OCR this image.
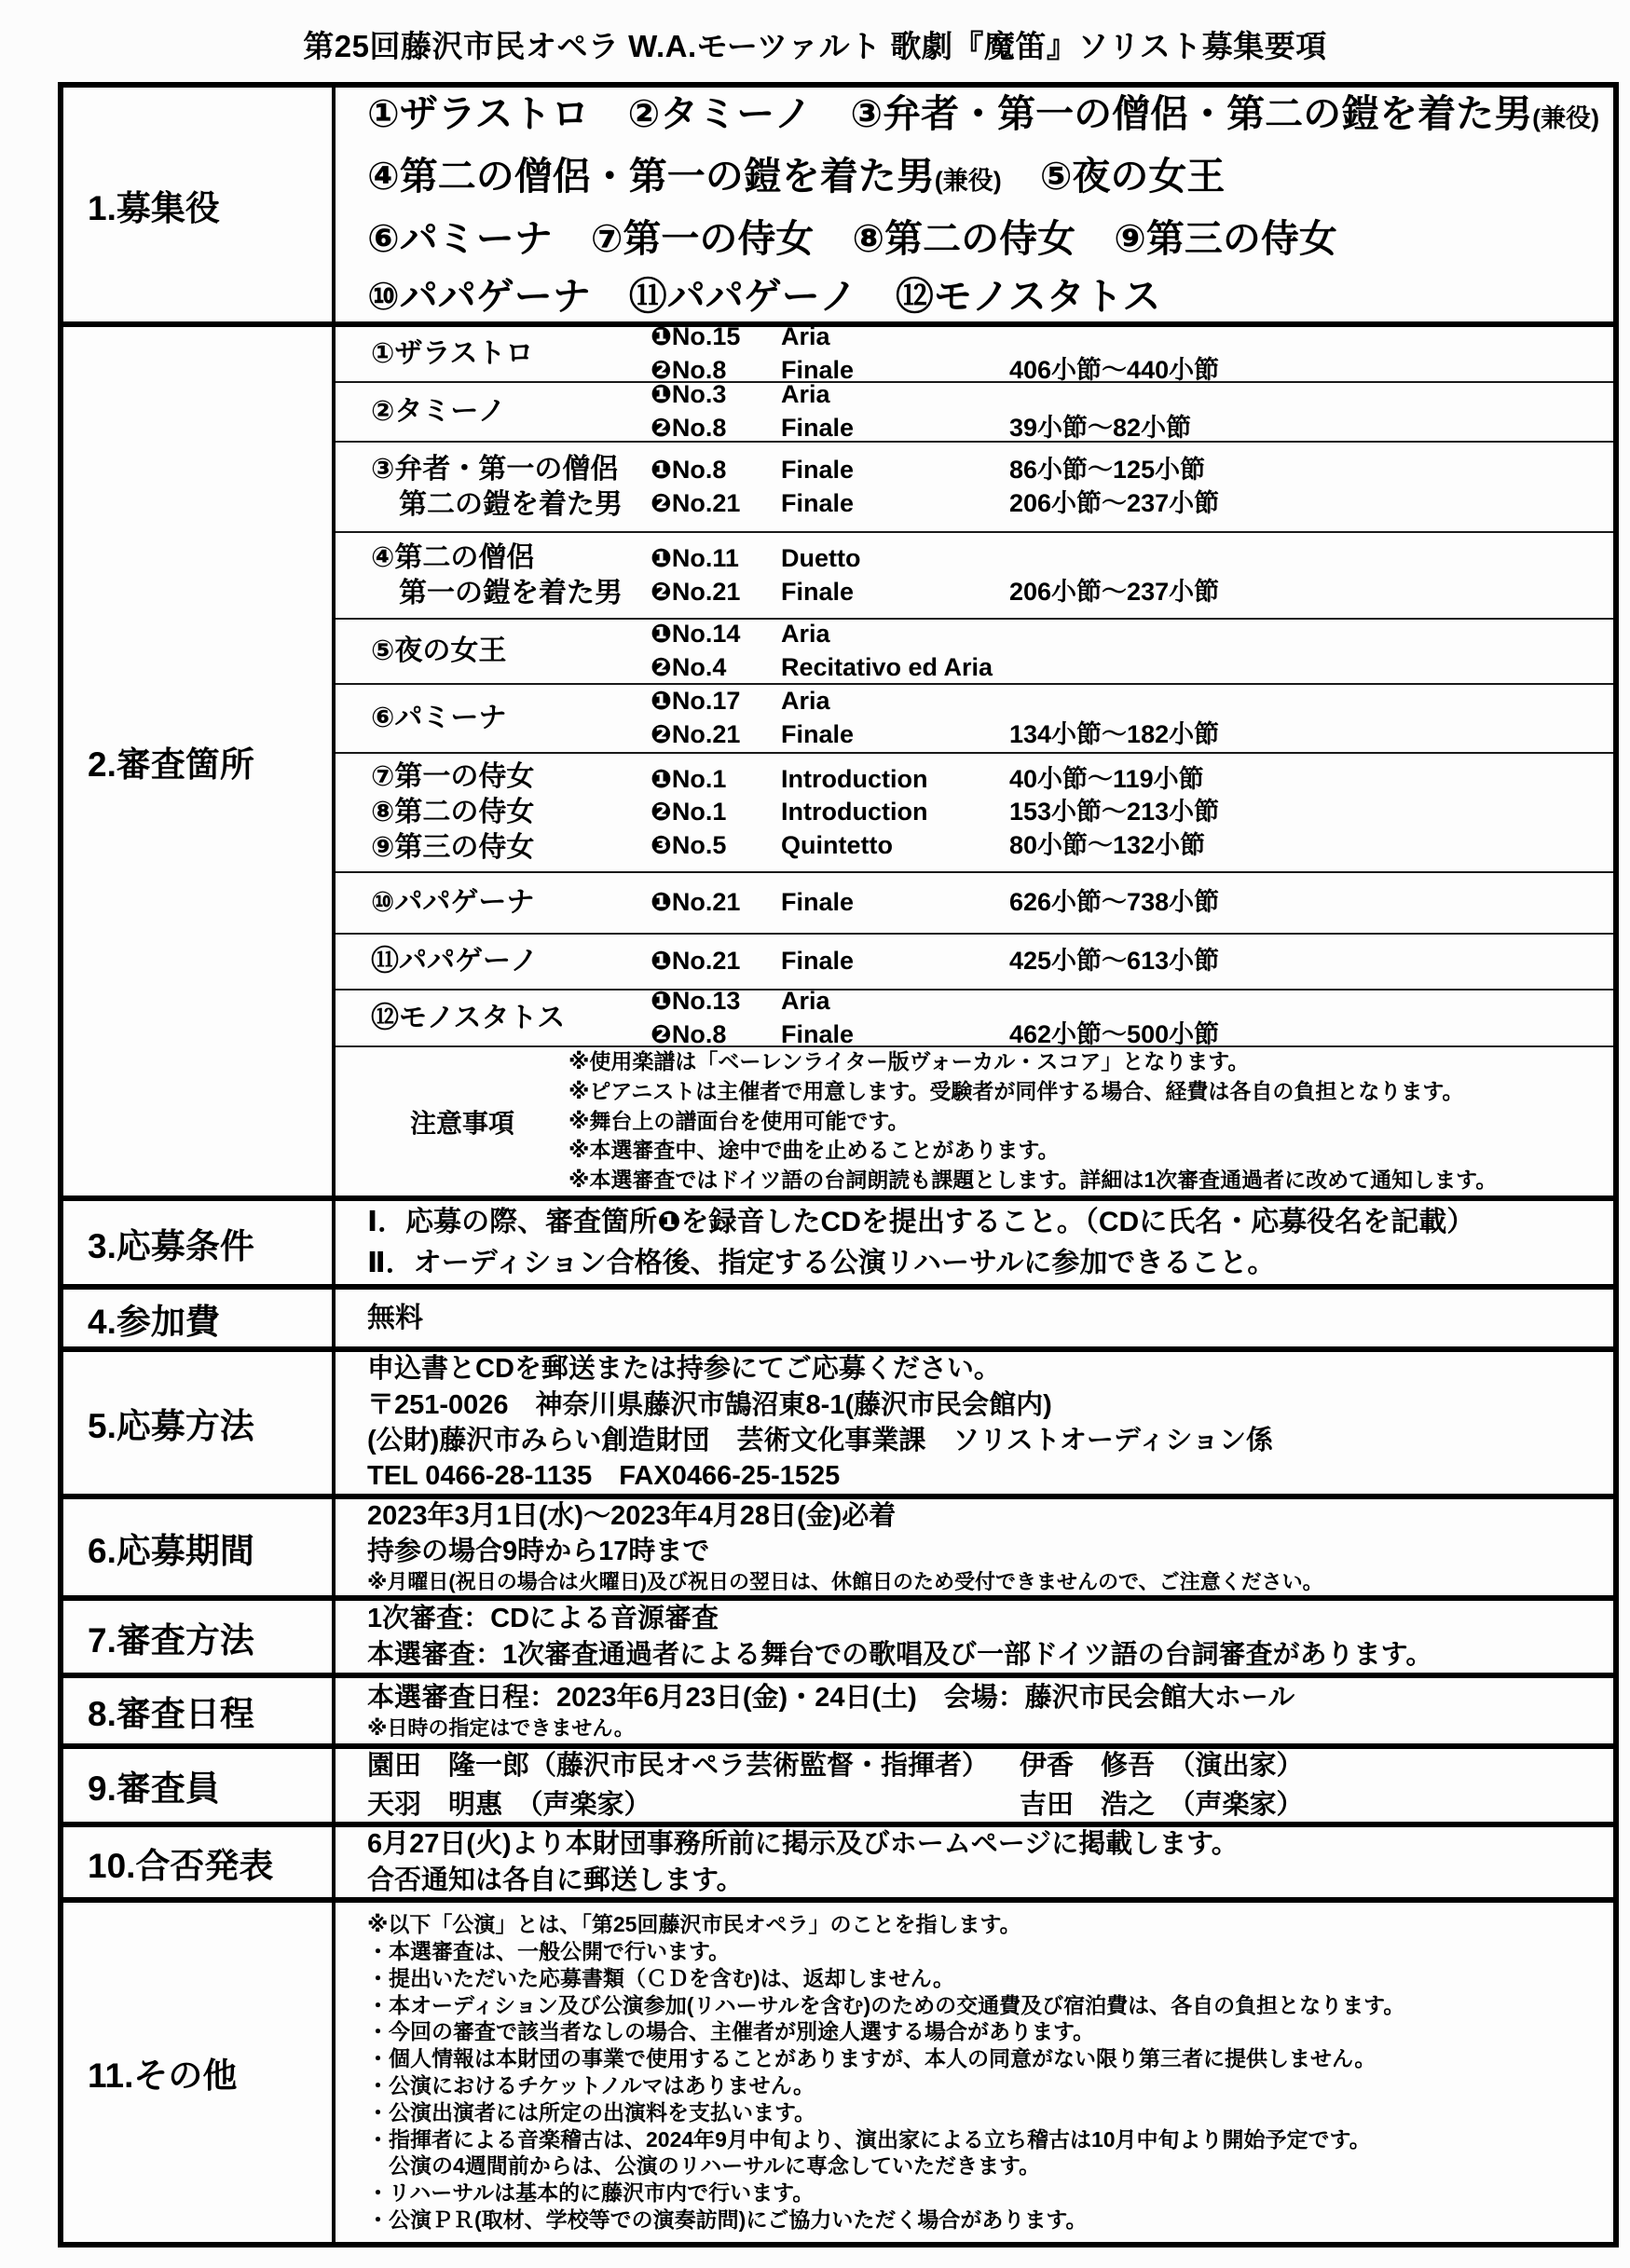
第25回藤沢市民オペラ W.A.モーツァルト 歌劇『魔笛』ソリスト募集要項
1.募集役
①ザラストロ　②タミーノ　③弁者・第一の僧侶・第二の鎧を着た男(兼役)
④第二の僧侶・第一の鎧を着た男(兼役)　⑤夜の女王
⑥パミーナ　⑦第一の侍女　⑧第二の侍女　⑨第三の侍女
⑩パパゲーナ　⑪パパゲーノ　⑫モノスタトス
2.審査箇所
①ザラストロ
❶No.15	Aria
❷No.8	Finale	406小節〜440小節
②タミーノ
❶No.3	Aria
❷No.8	Finale	39小節〜82小節
③弁者・第一の僧侶
第二の鎧を着た男
❶No.8	Finale	86小節〜125小節
❷No.21	Finale	206小節〜237小節
④第二の僧侶
第一の鎧を着た男
❶No.11	Duetto
❷No.21	Finale	206小節〜237小節
⑤夜の女王
❶No.14	Aria
❷No.4	Recitativo ed Aria
⑥パミーナ
❶No.17	Aria
❷No.21	Finale	134小節〜182小節
⑦第一の侍女
⑧第二の侍女
⑨第三の侍女
❶No.1	Introduction	40小節〜119小節
❷No.1	Introduction	153小節〜213小節
❸No.5	Quintetto	80小節〜132小節
⑩パパゲーナ	❶No.21	Finale	626小節〜738小節
⑪パパゲーノ	❶No.21	Finale	425小節〜613小節
⑫モノスタトス
❶No.13	Aria
❷No.8	Finale	462小節〜500小節
注意事項
※使用楽譜は「ベーレンライター版ヴォーカル・スコア」となります。
※ピアニストは主催者で用意します。受験者が同伴する場合、経費は各自の負担となります。
※舞台上の譜面台を使用可能です。
※本選審査中、途中で曲を止めることがあります。
※本選審査ではドイツ語の台詞朗読も課題とします。詳細は1次審査通過者に改めて通知します。
3.応募条件
Ⅰ．応募の際、審査箇所❶を録音したCDを提出すること。（CDに氏名・応募役名を記載）
Ⅱ．オーディション合格後、指定する公演リハーサルに参加できること。
4.参加費	無料
5.応募方法
申込書とCDを郵送または持参にてご応募ください。
〒251-0026　神奈川県藤沢市鵠沼東8-1(藤沢市民会館内)
(公財)藤沢市みらい創造財団　芸術文化事業課　ソリストオーディション係
TEL 0466-28-1135　FAX0466-25-1525
6.応募期間
2023年3月1日(水)〜2023年4月28日(金)必着
持参の場合9時から17時まで
※月曜日(祝日の場合は火曜日)及び祝日の翌日は、休館日のため受付できませんので、ご注意ください。
7.審査方法
1次審査：CDによる音源審査
本選審査：1次審査通過者による舞台での歌唱及び一部ドイツ語の台詞審査があります。
8.審査日程	本選審査日程：2023年6月23日(金)・24日(土)　会場：藤沢市民会館大ホール
※日時の指定はできません。
9.審査員
園田　隆一郎（藤沢市民オペラ芸術監督・指揮者）	伊香　修吾　（演出家）
天羽　明惠　（声楽家）	吉田　浩之　（声楽家）
10.合否発表
6月27日(火)より本財団事務所前に掲示及びホームページに掲載します。
合否通知は各自に郵送します。
11.その他
※以下「公演」とは、「第25回藤沢市民オペラ」のことを指します。
・本選審査は、一般公開で行います。
・提出いただいた応募書類（ＣＤを含む)は、返却しません。
・本オーディション及び公演参加(リハーサルを含む)のための交通費及び宿泊費は、各自の負担となります。
・今回の審査で該当者なしの場合、主催者が別途人選する場合があります。
・個人情報は本財団の事業で使用することがありますが、本人の同意がない限り第三者に提供しません。
・公演におけるチケットノルマはありません。
・公演出演者には所定の出演料を支払います。
・指揮者による音楽稽古は、2024年9月中旬より、演出家による立ち稽古は10月中旬より開始予定です。
　公演の4週間前からは、公演のリハーサルに専念していただきます。
・リハーサルは基本的に藤沢市内で行います。
・公演ＰＲ(取材、学校等での演奏訪問)にご協力いただく場合があります。
